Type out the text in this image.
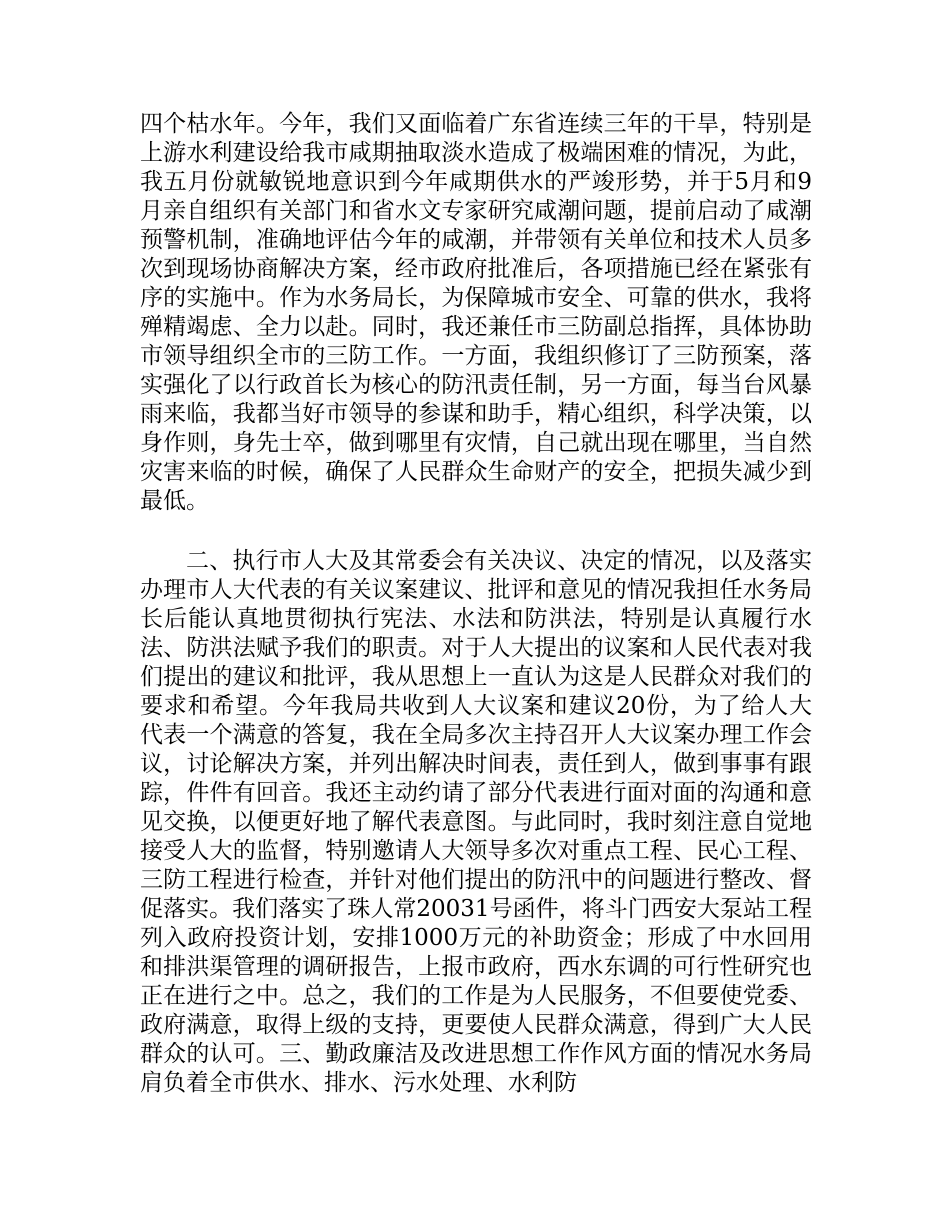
四个枯水年。今年，我们又面临着广东省连续三年的干旱，特别是上游水利建设给我市咸期抽取淡水造成了极端困难的情况，为此，我五月份就敏锐地意识到今年咸期供水的严竣形势，并于5月和9月亲自组织有关部门和省水文专家研究咸潮问题，提前启动了咸潮预警机制，准确地评估今年的咸潮，并带领有关单位和技术人员多次到现场协商解决方案，经市政府批准后，各项措施已经在紧张有序的实施中。作为水务局长，为保障城市安全、可靠的供水，我将殚精竭虑、全力以赴。同时，我还兼任市三防副总指挥，具体协助市领导组织全市的三防工作。一方面，我组织修订了三防预案，落实强化了以行政首长为核心的防汛责任制，另一方面，每当台风暴雨来临，我都当好市领导的参谋和助手，精心组织，科学决策，以身作则，身先士卒，做到哪里有灾情，自己就出现在哪里，当自然灾害来临的时候，确保了人民群众生命财产的安全，把损失减少到最低。

二、执行市人大及其常委会有关决议、决定的情况，以及落实办理市人大代表的有关议案建议、批评和意见的情况我担任水务局长后能认真地贯彻执行宪法、水法和防洪法，特别是认真履行水法、防洪法赋予我们的职责。对于人大提出的议案和人民代表对我们提出的建议和批评，我从思想上一直认为这是人民群众对我们的要求和希望。今年我局共收到人大议案和建议20份，为了给人大代表一个满意的答复，我在全局多次主持召开人大议案办理工作会议，讨论解决方案，并列出解决时间表，责任到人，做到事事有跟踪，件件有回音。我还主动约请了部分代表进行面对面的沟通和意见交换，以便更好地了解代表意图。与此同时，我时刻注意自觉地接受人大的监督，特别邀请人大领导多次对重点工程、民心工程、三防工程进行检查，并针对他们提出的防汛中的问题进行整改、督促落实。我们落实了珠人常20031号函件，将斗门西安大泵站工程列入政府投资计划，安排1000万元的补助资金；形成了中水回用和排洪渠管理的调研报告，上报市政府，西水东调的可行性研究也正在进行之中。总之，我们的工作是为人民服务，不但要使党委、政府满意，取得上级的支持，更要使人民群众满意，得到广大人民群众的认可。三、勤政廉洁及改进思想工作作风方面的情况水务局肩负着全市供水、排水、污水处理、水利防
